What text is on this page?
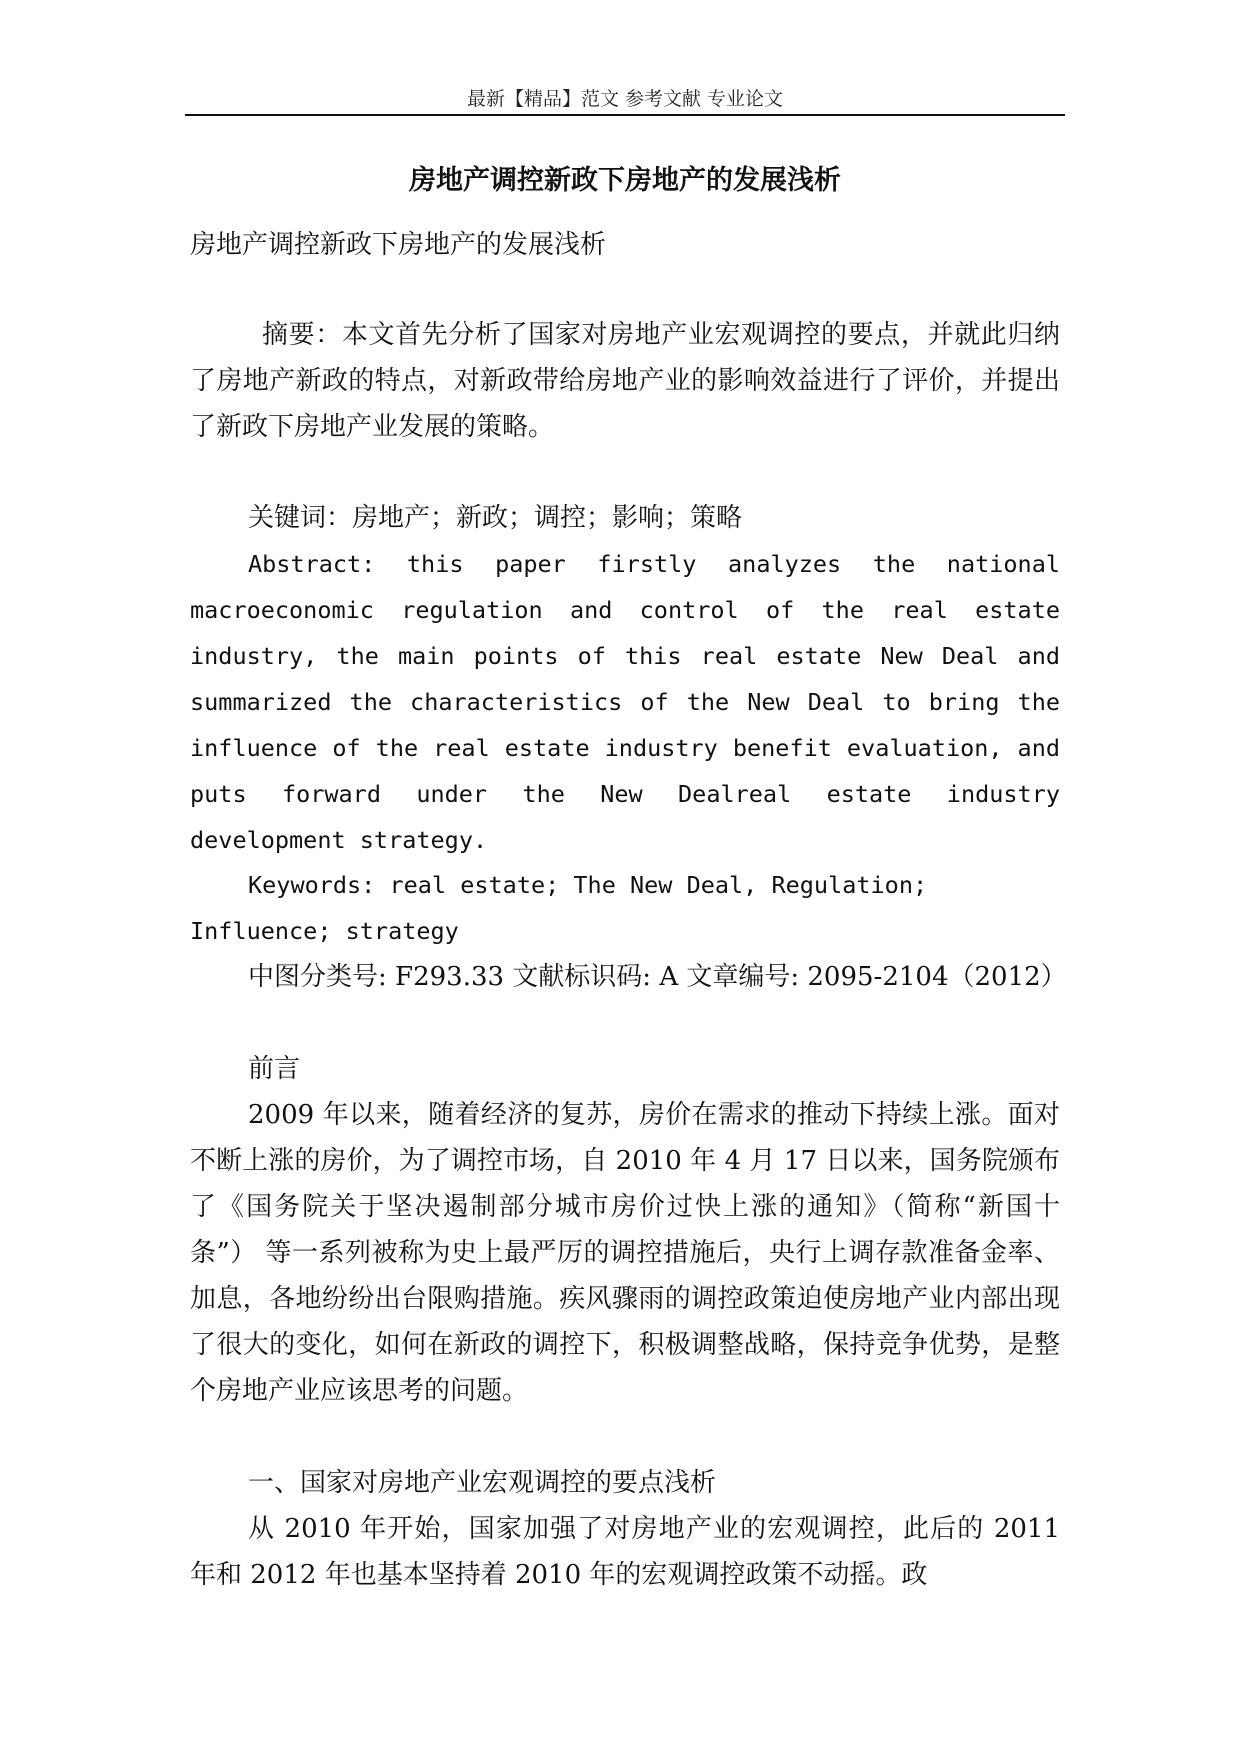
最新【精品】范文 参考文献 专业论文
房地产调控新政下房地产的发展浅析
房地产调控新政下房地产的发展浅析
摘要：本文首先分析了国家对房地产业宏观调控的要点，并就此归纳了房地产新政的特点，对新政带给房地产业的影响效益进行了评价，并提出了新政下房地产业发展的策略。
关键词：房地产；新政；调控；影响；策略
Abstract: this paper firstly analyzes the national macroeconomic regulation and control of the real estate industry, the main points of this real estate New Deal and summarized the characteristics of the New Deal to bring the influence of the real estate industry benefit evaluation, and puts forward under the New Dealreal estate industry development strategy.
Keywords: real estate; The New Deal, Regulation; Influence; strategy
中图分类号: F293.33 文献标识码: A 文章编号: 2095-2104（2012）
前言
2009 年以来，随着经济的复苏，房价在需求的推动下持续上涨。面对不断上涨的房价，为了调控市场，自 2010 年 4 月 17 日以来，国务院颁布了《国务院关于坚决遏制部分城市房价过快上涨的通知》（简称“新国十条”） 等一系列被称为史上最严厉的调控措施后，央行上调存款准备金率、加息，各地纷纷出台限购措施。疾风骤雨的调控政策迫使房地产业内部出现了很大的变化，如何在新政的调控下，积极调整战略，保持竞争优势，是整个房地产业应该思考的问题。
一、国家对房地产业宏观调控的要点浅析
从 2010 年开始，国家加强了对房地产业的宏观调控，此后的 2011 年和 2012 年也基本坚持着 2010 年的宏观调控政策不动摇。政
